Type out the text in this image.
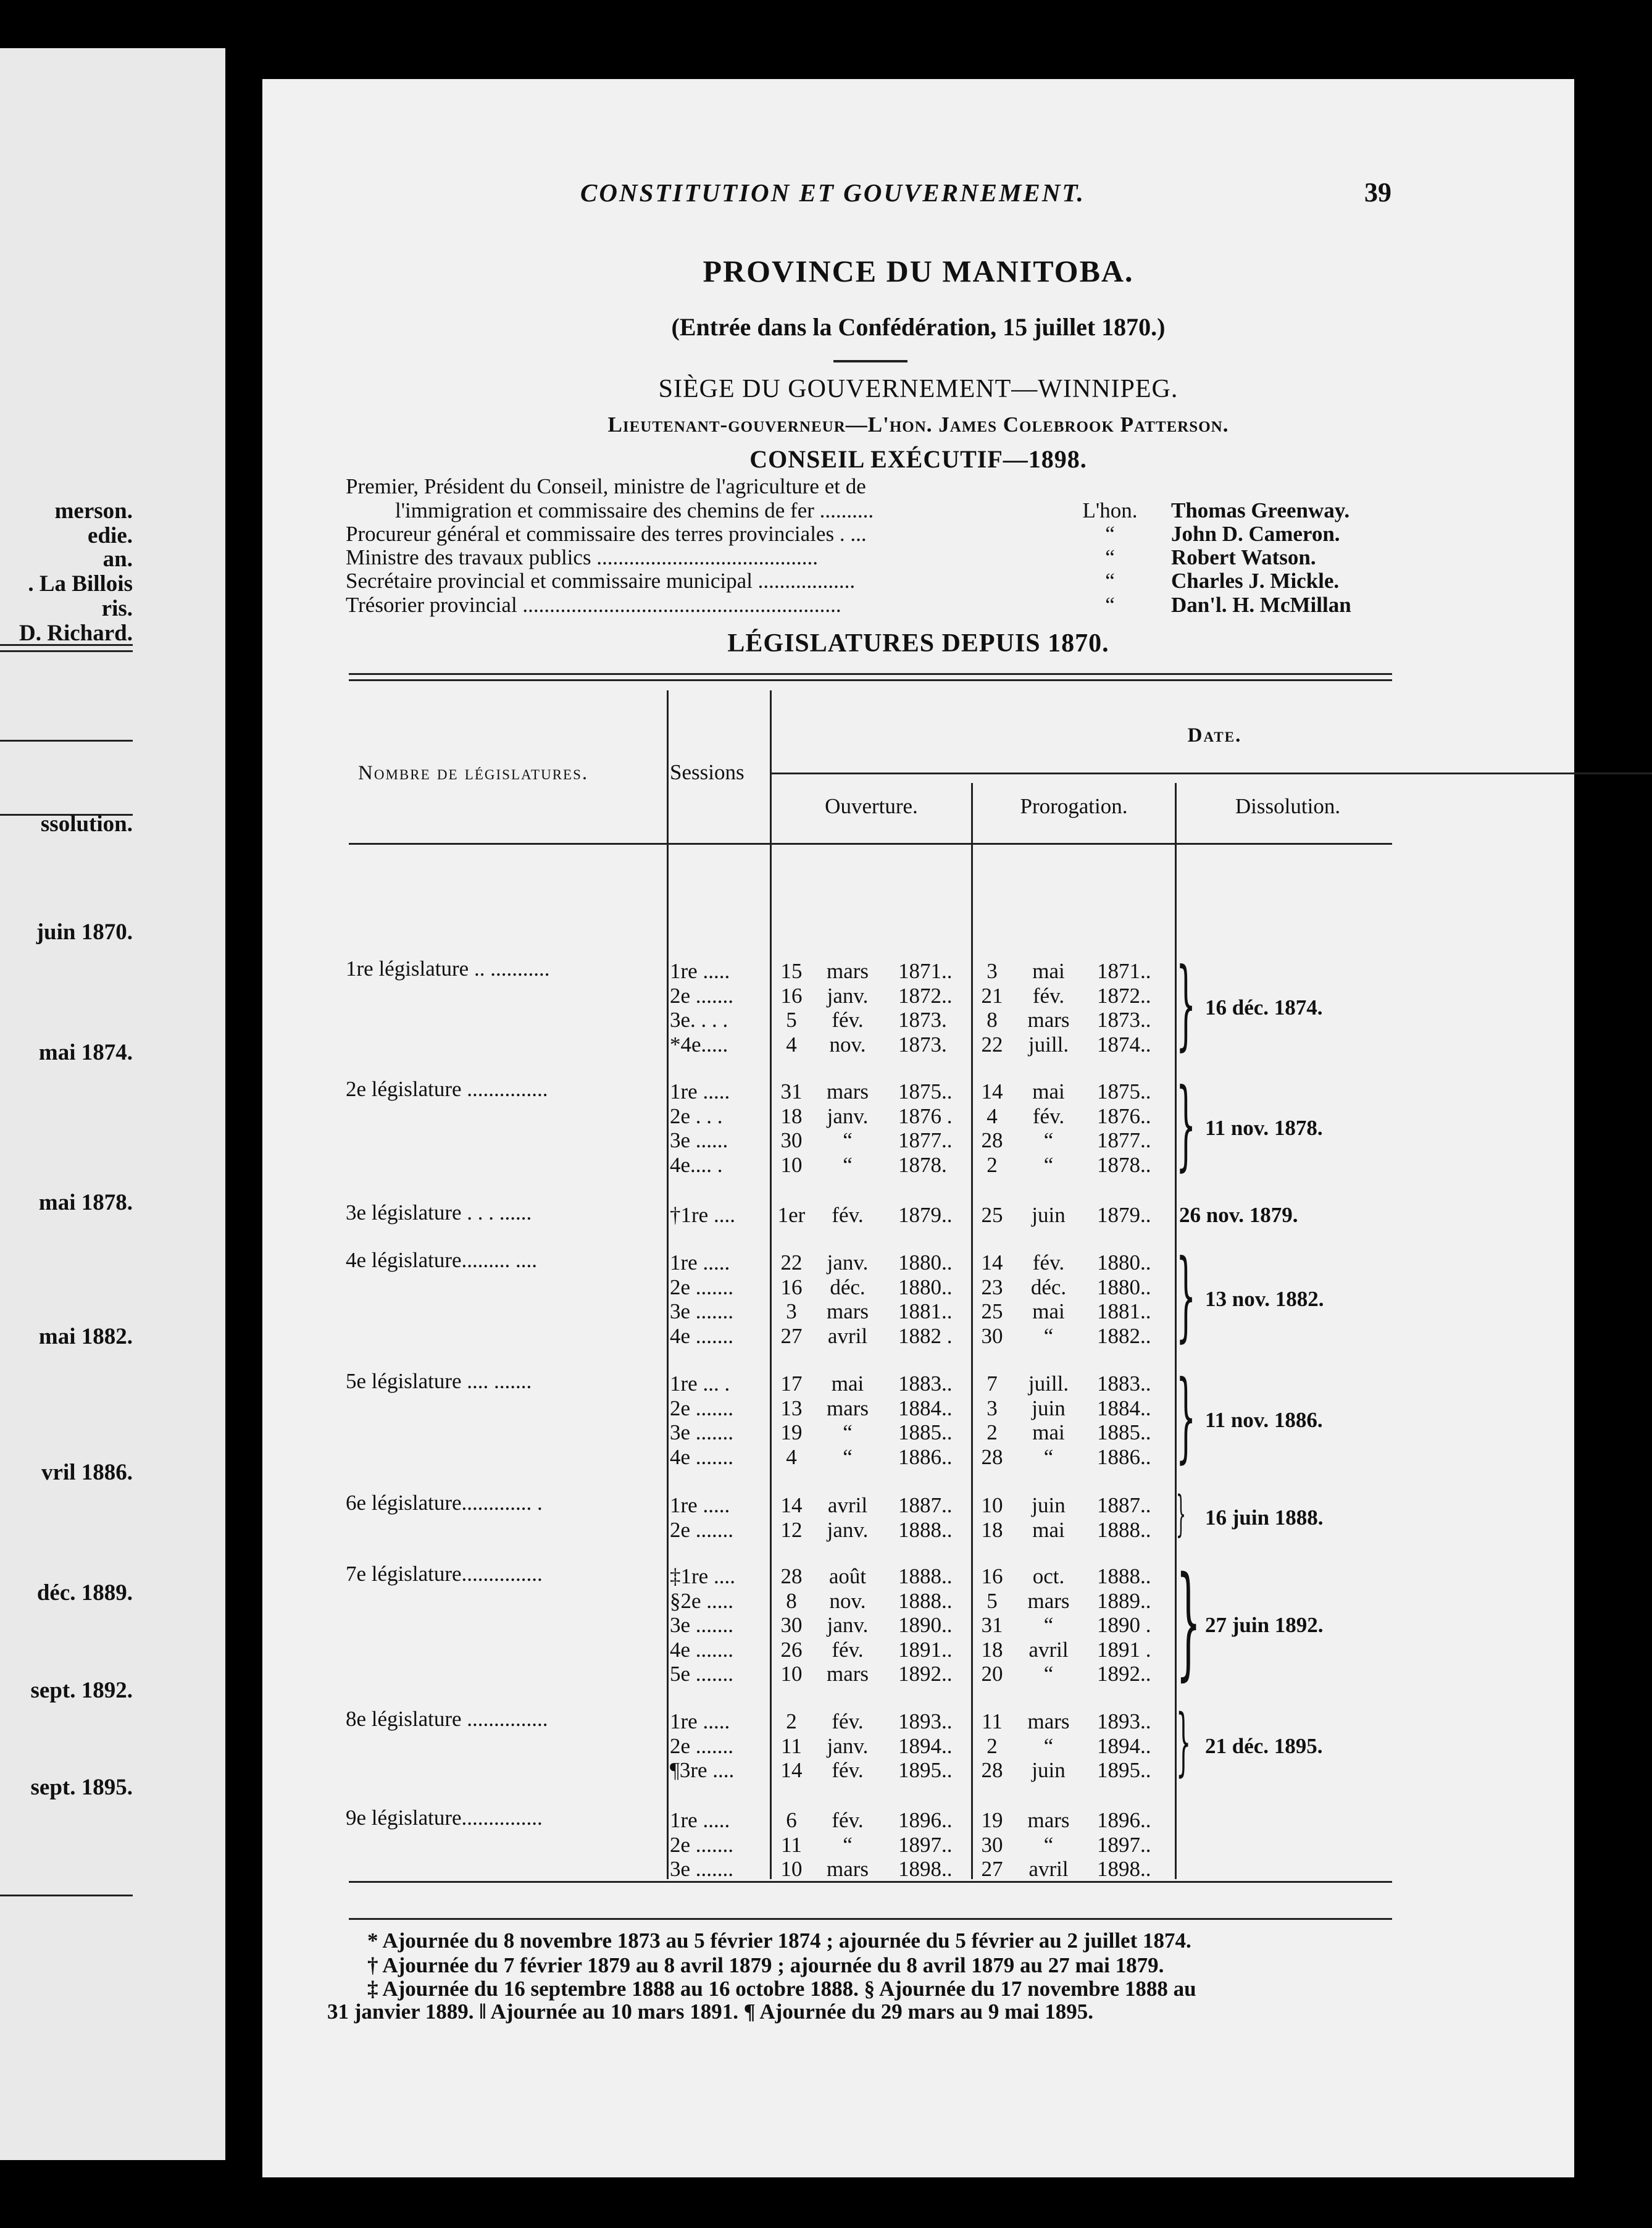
merson.
edie.
an.
. La Billois
ris.
D. Richard.
ssolution.
juin 1870.
mai 1874.
mai 1878.
mai 1882.
vril 1886.
déc. 1889.
sept. 1892.
sept. 1895.
CONSTITUTION ET GOUVERNEMENT.	39
PROVINCE DU MANITOBA.
(Entrée dans la Confédération, 15 juillet 1870.)
SIÈGE DU GOUVERNEMENT—WINNIPEG.
Lieutenant-gouverneur—L'hon. James Colebrook Patterson.
CONSEIL EXÉCUTIF—1898.
Premier, Président du Conseil, ministre de l'agriculture et de
l'immigration et commissaire des chemins de fer ..........	L'hon.	Thomas Greenway.
Procureur général et commissaire des terres provinciales . ...	“	John D. Cameron.
Ministre des travaux publics .........................................	“	Robert Watson.
Secrétaire provincial et commissaire municipal ..................	“	Charles J. Mickle.
Trésorier provincial ...........................................................	“	Dan'l. H. McMillan
LÉGISLATURES DEPUIS 1870.
Nombre de législatures.	Sessions
Date.
Ouverture.	Prorogation.	Dissolution.
1re législature .. ...........	1re .....	15	mars	1871..	3	mai	1871..
2e .......	16	janv.	1872..	21	fév.	1872..
3e. . . .	5	fév.	1873.	8	mars	1873..
*4e.....	4	nov.	1873.	22	juill.	1874.. } 16 déc. 1874.
2e législature ...............	1re .....	31	mars	1875..	14	mai	1875..
2e . . .	18	janv.	1876 .	4	fév.	1876..
3e ......	30	“	1877..	28	“	1877..
4e.... .	10	“	1878.	2	“	1878.. } 11 nov. 1878.
3e législature . . . ......	†1re .... 1er	fév.	1879..	25	juin	1879.. 26 nov. 1879.
4e législature......... ....	1re .....	22	janv.	1880..	14	fév.	1880..
2e .......	16	déc.	1880..	23	déc.	1880..
3e .......	3	mars	1881..	25	mai	1881..
4e .......	27	avril	1882 .	30	“	1882.. } 13 nov. 1882.
5e législature .... .......	1re ... .	17	mai	1883..	7	juill.	1883..
2e .......	13	mars	1884..	3	juin	1884..
3e .......	19	“	1885..	2	mai	1885..
4e .......	4	“	1886..	28	“	1886.. } 11 nov. 1886.
6e législature............. .	1re .....	14	avril	1887..	10	juin	1887..
2e .......	12	janv.	1888..	18	mai	1888.. } 16 juin 1888.
7e législature...............	‡1re ....	28	août	1888..	16	oct.	1888..
§2e .....	8	nov.	1888..	5	mars	1889..
3e .......	30	janv.	1890..	31	“	1890 .
4e .......	26	fév.	1891..	18	avril	1891 .
5e .......	10	mars	1892..	20	“	1892.. } 27 juin 1892.
8e législature ...............	1re .....	2	fév.	1893..	11	mars	1893..
2e .......	11	janv.	1894..	2	“	1894..
¶3re ....	14	fév.	1895..	28	juin	1895.. } 21 déc. 1895.
9e législature...............	1re .....	6	fév.	1896..	19	mars	1896..
2e .......	11	“	1897..	30	“	1897..
3e .......	10	mars	1898..	27	avril	1898..
* Ajournée du 8 novembre 1873 au 5 février 1874 ; ajournée du 5 février au 2 juillet 1874.
† Ajournée du 7 février 1879 au 8 avril 1879 ; ajournée du 8 avril 1879 au 27 mai 1879.
‡ Ajournée du 16 septembre 1888 au 16 octobre 1888. § Ajournée du 17 novembre 1888 au
31 janvier 1889. ‖ Ajournée au 10 mars 1891. ¶ Ajournée du 29 mars au 9 mai 1895.
